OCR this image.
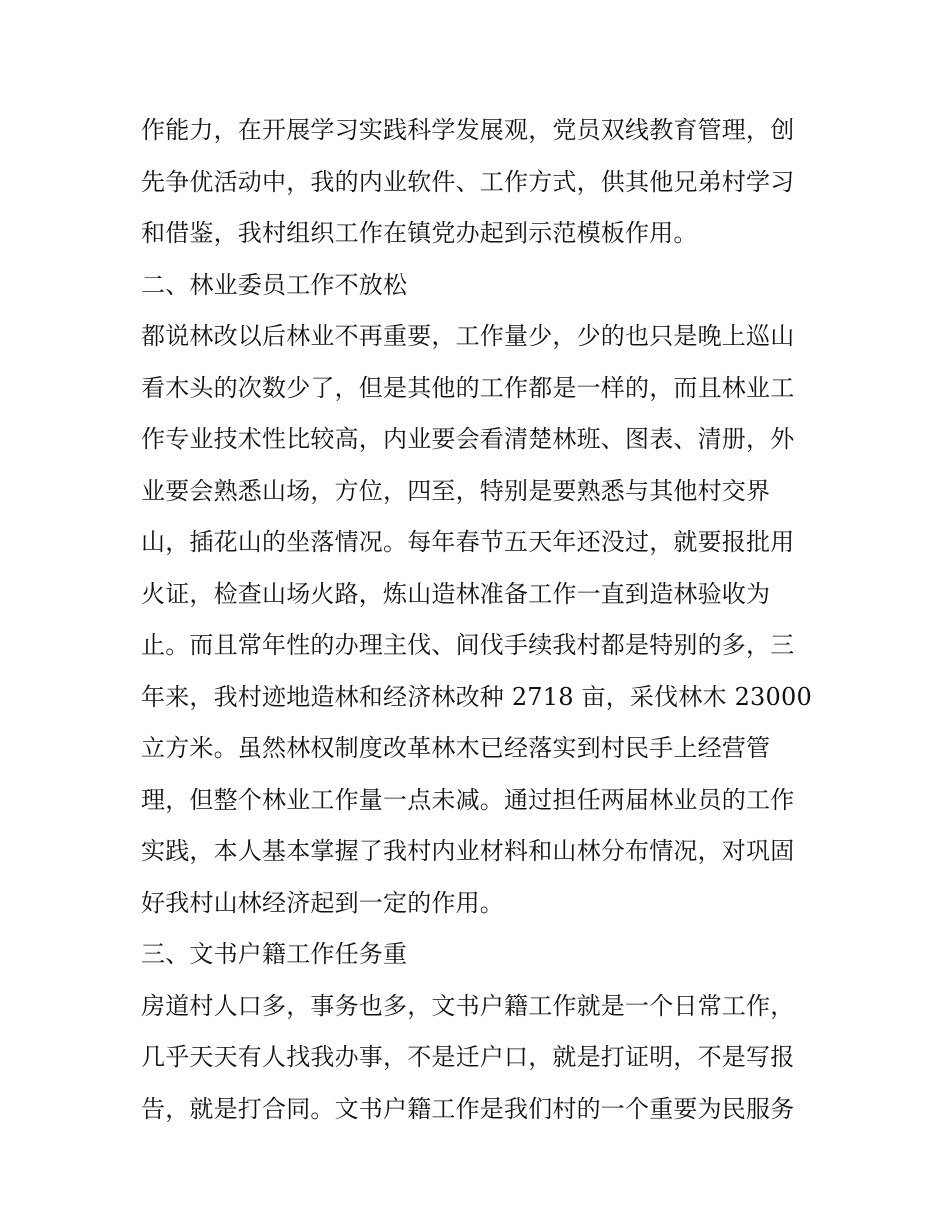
作能力，在开展学习实践科学发展观，党员双线教育管理，创
先争优活动中，我的内业软件、工作方式，供其他兄弟村学习
和借鉴，我村组织工作在镇党办起到示范模板作用。
二、林业委员工作不放松
都说林改以后林业不再重要，工作量少，少的也只是晚上巡山
看木头的次数少了，但是其他的工作都是一样的，而且林业工
作专业技术性比较高，内业要会看清楚林班、图表、清册，外
业要会熟悉山场，方位，四至，特别是要熟悉与其他村交界
山，插花山的坐落情况。每年春节五天年还没过，就要报批用
火证，检查山场火路，炼山造林准备工作一直到造林验收为
止。而且常年性的办理主伐、间伐手续我村都是特别的多，三
年来，我村迹地造林和经济林改种 2718 亩，采伐林木 23000
立方米。虽然林权制度改革林木已经落实到村民手上经营管
理，但整个林业工作量一点未减。通过担任两届林业员的工作
实践，本人基本掌握了我村内业材料和山林分布情况，对巩固
好我村山林经济起到一定的作用。
三、文书户籍工作任务重
房道村人口多，事务也多，文书户籍工作就是一个日常工作，
几乎天天有人找我办事，不是迁户口，就是打证明，不是写报
告，就是打合同。文书户籍工作是我们村的一个重要为民服务
